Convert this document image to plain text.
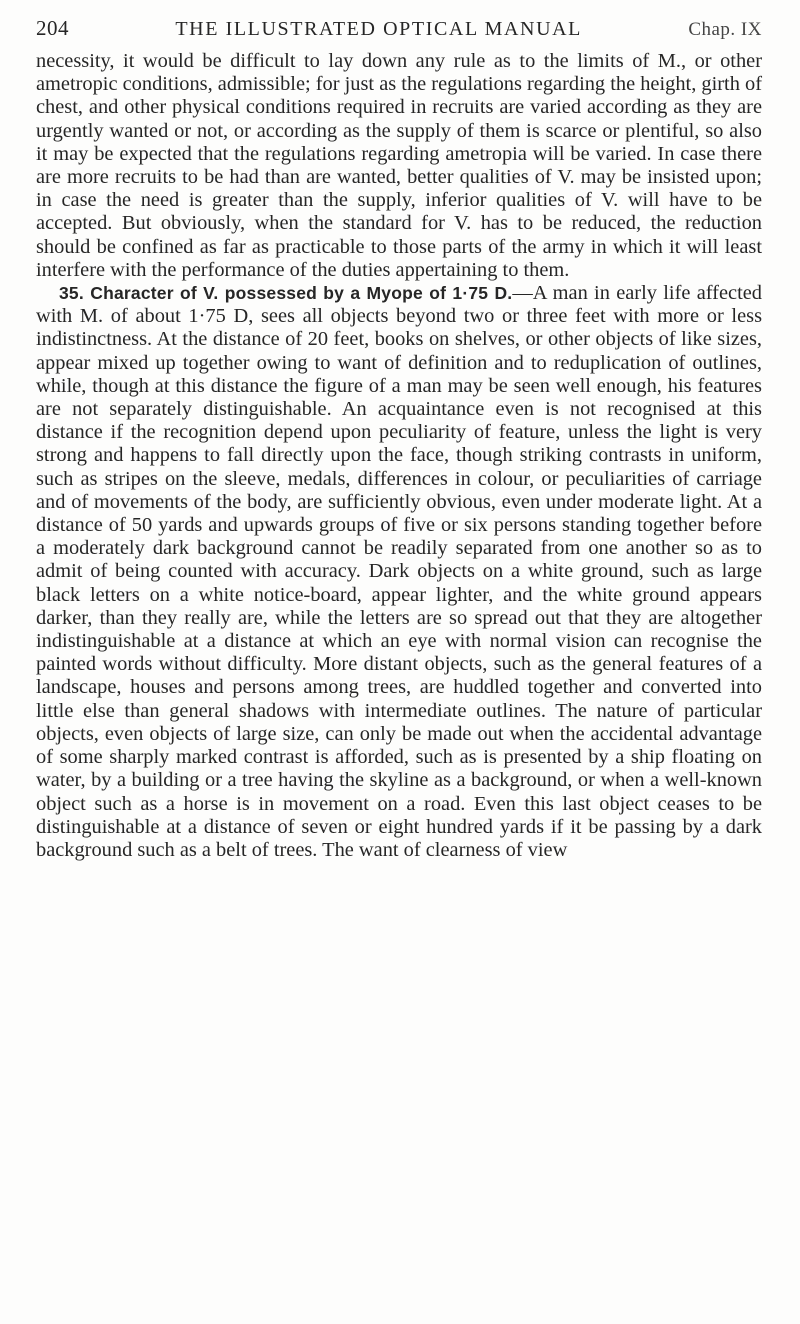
204	THE ILLUSTRATED OPTICAL MANUAL	Chap. IX

necessity, it would be difficult to lay down any rule as to the limits of M., or other ametropic conditions, admissible; for just as the regulations regarding the height, girth of chest, and other physical conditions required in recruits are varied according as they are urgently wanted or not, or according as the supply of them is scarce or plentiful, so also it may be expected that the regulations regarding ametropia will be varied. In case there are more recruits to be had than are wanted, better qualities of V. may be insisted upon; in case the need is greater than the supply, inferior qualities of V. will have to be accepted. But obviously, when the standard for V. has to be reduced, the reduction should be confined as far as practicable to those parts of the army in which it will least interfere with the performance of the duties appertaining to them.

35. Character of V. possessed by a Myope of 1·75 D.—A man in early life affected with M. of about 1·75 D, sees all objects beyond two or three feet with more or less indistinctness. At the distance of 20 feet, books on shelves, or other objects of like sizes, appear mixed up together owing to want of definition and to reduplication of outlines, while, though at this distance the figure of a man may be seen well enough, his features are not separately distinguishable. An acquaintance even is not recognised at this distance if the recognition depend upon peculiarity of feature, unless the light is very strong and happens to fall directly upon the face, though striking contrasts in uniform, such as stripes on the sleeve, medals, differences in colour, or peculiarities of carriage and of movements of the body, are sufficiently obvious, even under moderate light. At a distance of 50 yards and upwards groups of five or six persons standing together before a moderately dark background cannot be readily separated from one another so as to admit of being counted with accuracy. Dark objects on a white ground, such as large black letters on a white notice-board, appear lighter, and the white ground appears darker, than they really are, while the letters are so spread out that they are altogether indistinguishable at a distance at which an eye with normal vision can recognise the painted words without difficulty. More distant objects, such as the general features of a landscape, houses and persons among trees, are huddled together and converted into little else than general shadows with intermediate outlines. The nature of particular objects, even objects of large size, can only be made out when the accidental advantage of some sharply marked contrast is afforded, such as is presented by a ship floating on water, by a building or a tree having the skyline as a background, or when a well-known object such as a horse is in movement on a road. Even this last object ceases to be distinguishable at a distance of seven or eight hundred yards if it be passing by a dark background such as a belt of trees. The want of clearness of view
